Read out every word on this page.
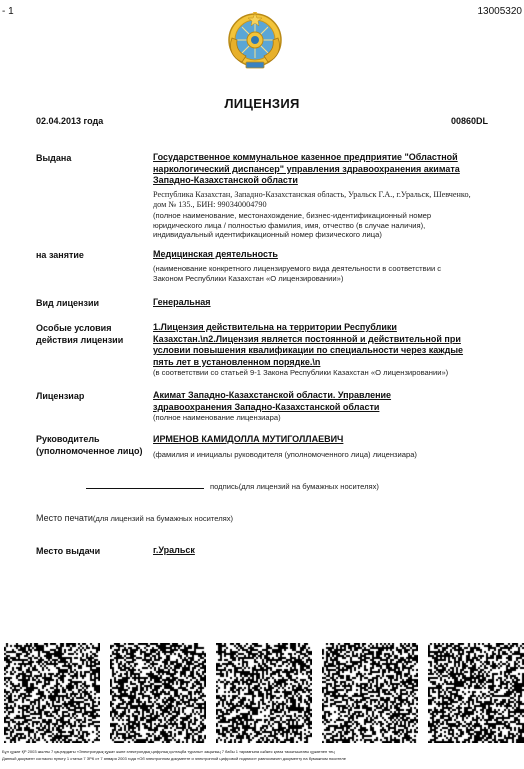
- 1	13005320
ЛИЦЕНЗИЯ
02.04.2013 года	00860DL
Выдана	Государственное коммунальное казенное предприятие "Областной
наркологический диспансер" управления здравоохранения акимата
Западно-Казахстанской области
Республика Казахстан, Западно-Казахстанская область, Уральск Г.А., г.Уральск, Шевченко,
дом № 135., БИН: 990340004790
(полное наименование, местонахождение, бизнес-идентификационный номер
юридического лица / полностью фамилия, имя, отчество (в случае наличия),
индивидуальный идентификационный номер физического лица)
на занятие	Медицинская деятельность
(наименование конкретного лицензируемого вида деятельности в соответствии с
Законом Республики Казахстан «О лицензировании»)
Вид лицензии	Генеральная
Особые условия
действия лицензии
1.Лицензия действительна на территории Республики
Казахстан.\n2.Лицензия является постоянной и действительной при
условии повышения квалификации по специальности через каждые
пять лет в установленном порядке.\n
(в соответствии со статьей 9-1 Закона Республики Казахстан «О лицензировании»)
Лицензиар	Акимат Западно-Казахстанской области. Управление
здравоохранения Западно-Казахстанской области
(полное наименование лицензиара)
Руководитель
(уполномоченное лицо)
ИРМЕНОВ КАМИДОЛЛА МУТИГОЛЛАЕВИЧ
(фамилия и инициалы руководителя (уполномоченного лица) лицензиара)
подпись(для лицензий на бумажных носителях)
Место печати(для лицензий на бумажных носителях)
Место выдачи	г.Уральск
Бұл құжат ҚР 2003 жылғы 7 қаңтардағы «Электрондық құжат және электрондық цифрлық қолтаңба туралы» заңының 7 бабы 1 тармағына сәйкес қағаз тасығыштағы құжатпен тең
Данный документ согласно пункту 1 статьи 7 ЗРК от 7 января 2003 года «Об электронном документе и электронной цифровой подписи» равнозначен документу на бумажном носителе
